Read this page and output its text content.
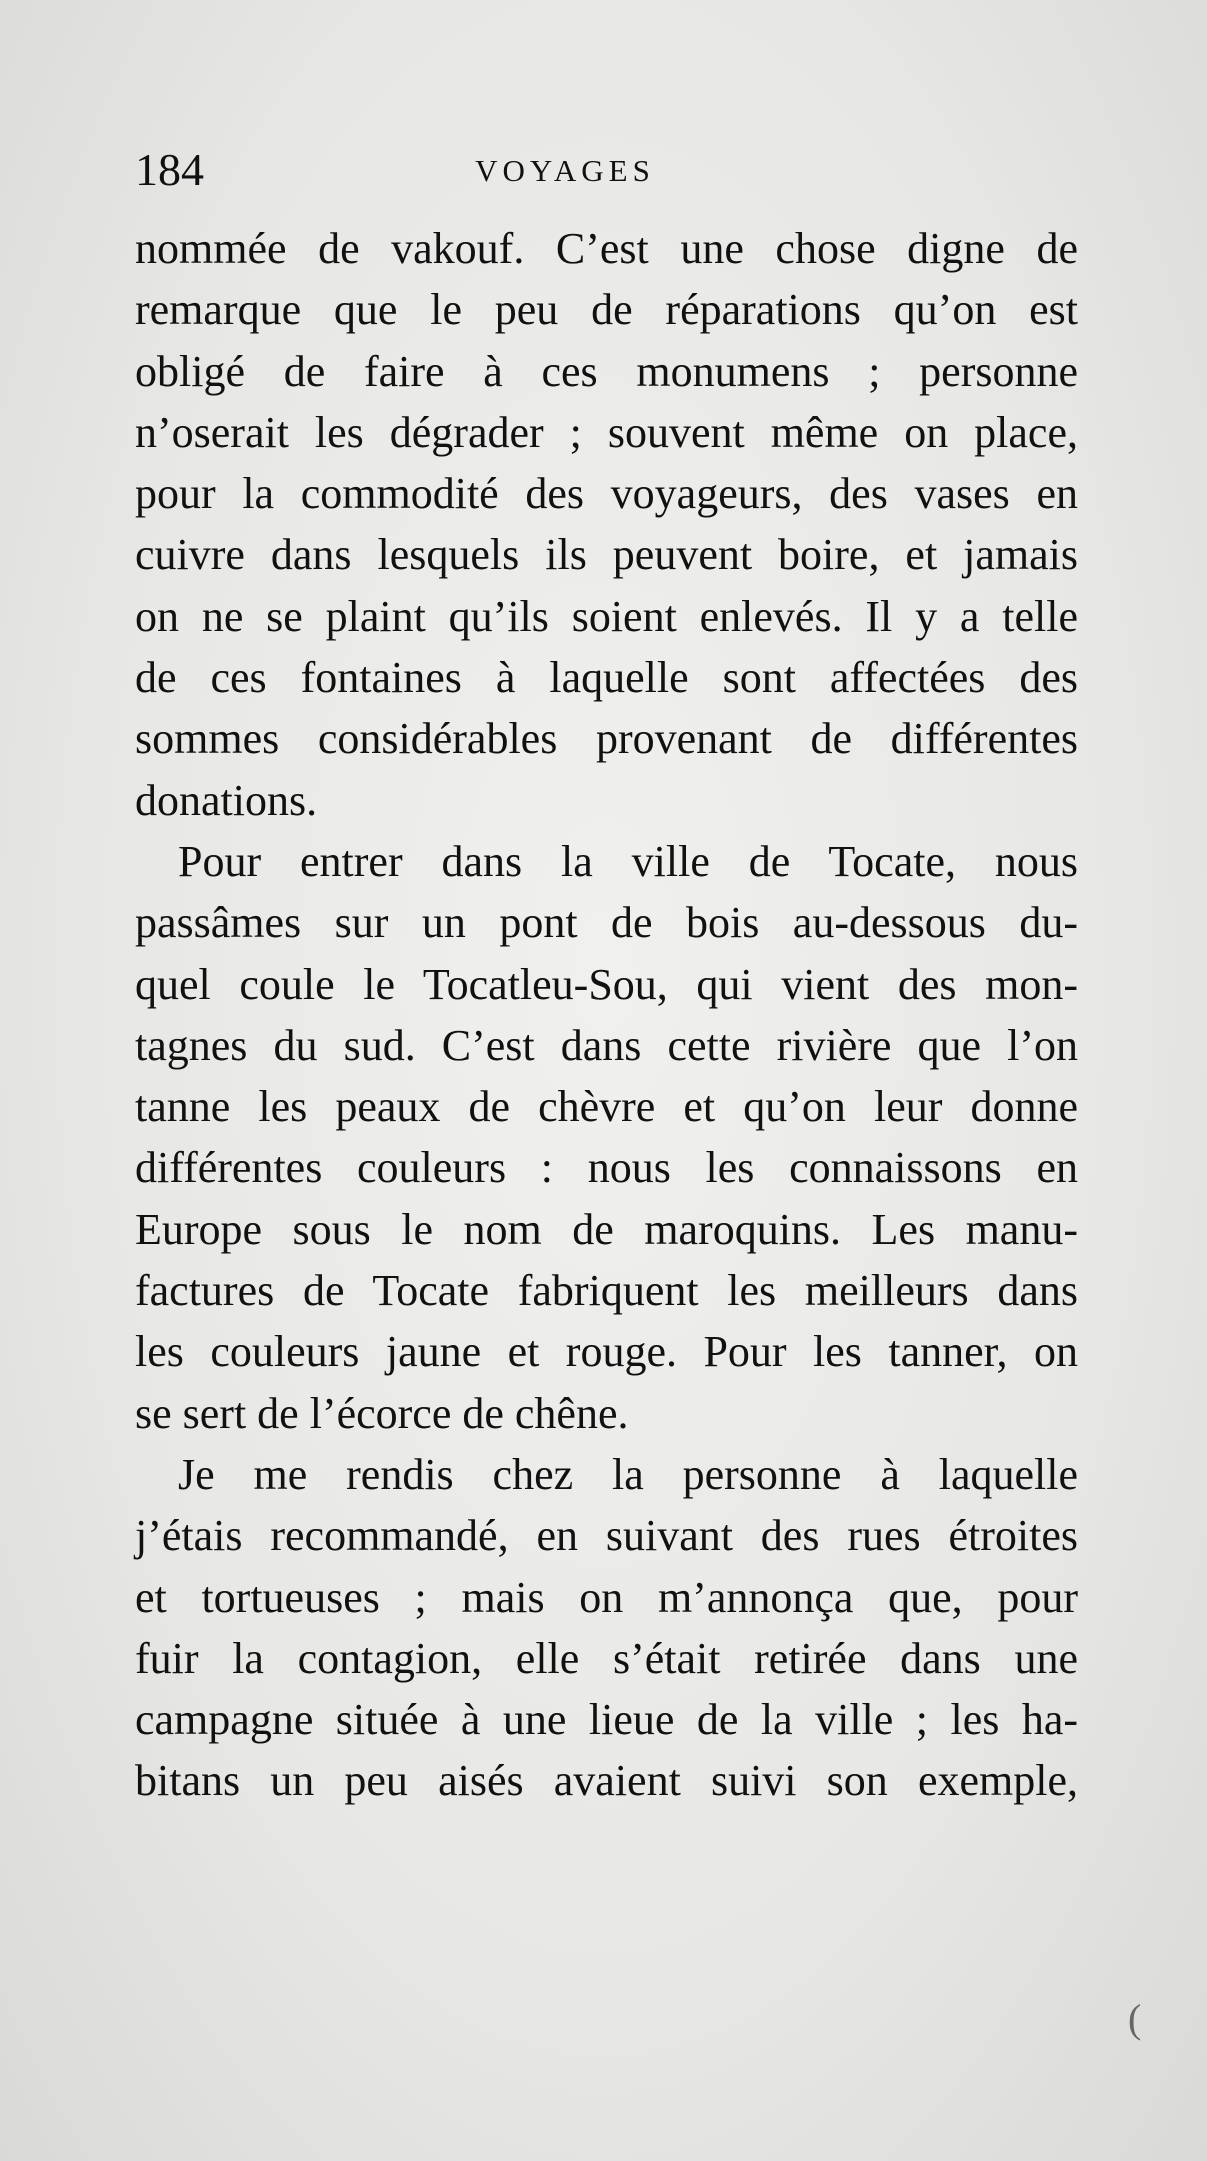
184	VOYAGES
nommée de vakouf. C’est une chose digne de
remarque que le peu de réparations qu’on est
obligé de faire à ces monumens ; personne
n’oserait les dégrader ; souvent même on place,
pour la commodité des voyageurs, des vases en
cuivre dans lesquels ils peuvent boire, et jamais
on ne se plaint qu’ils soient enlevés. Il y a telle
de ces fontaines à laquelle sont affectées des
sommes considérables provenant de différentes
donations.
Pour entrer dans la ville de Tocate, nous
passâmes sur un pont de bois au-dessous du-
quel coule le Tocatleu-Sou, qui vient des mon-
tagnes du sud. C’est dans cette rivière que l’on
tanne les peaux de chèvre et qu’on leur donne
différentes couleurs : nous les connaissons en
Europe sous le nom de maroquins. Les manu-
factures de Tocate fabriquent les meilleurs dans
les couleurs jaune et rouge. Pour les tanner, on
se sert de l’écorce de chêne.
Je me rendis chez la personne à laquelle
j’étais recommandé, en suivant des rues étroites
et tortueuses ; mais on m’annonça que, pour
fuir la contagion, elle s’était retirée dans une
campagne située à une lieue de la ville ; les ha-
bitans un peu aisés avaient suivi son exemple,
(
